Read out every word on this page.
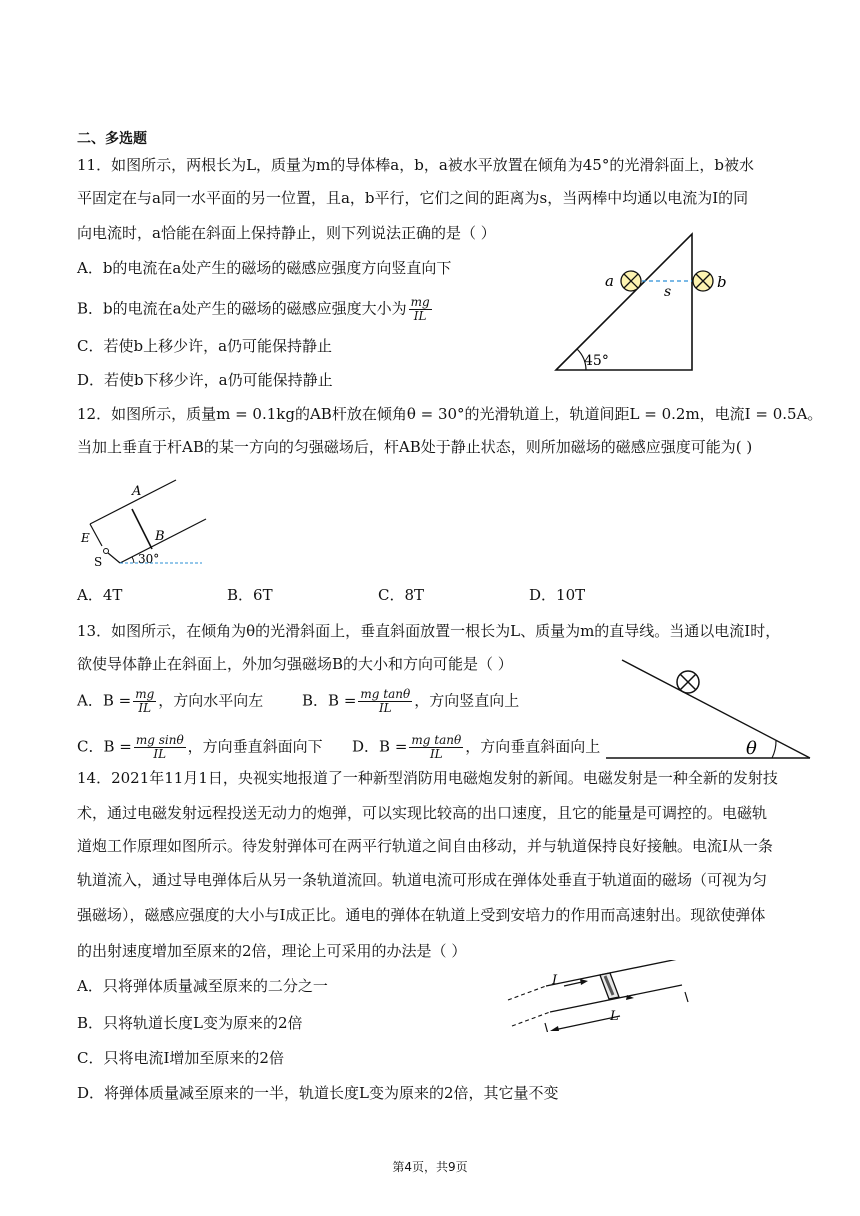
二、多选题
11．如图所示，两根长为L，质量为m的导体棒a，b，a被水平放置在倾角为45°的光滑斜面上，b被水
平固定在与a同一水平面的另一位置，且a，b平行，它们之间的距离为s，当两棒中均通以电流为I的同
向电流时，a恰能在斜面上保持静止，则下列说法正确的是（ ）
A．b的电流在a处产生的磁场的磁感应强度方向竖直向下
B．b的电流在a处产生的磁场的磁感应强度大小为 $\frac{mg}{IL}$
C．若使b上移少许，a仍可能保持静止
D．若使b下移少许，a仍可能保持静止
45°
a	b
s
12．如图所示，质量m = 0.1kg的AB杆放在倾角θ = 30°的光滑轨道上，轨道间距L = 0.2m，电流I = 0.5A。
当加上垂直于杆AB的某一方向的匀强磁场后，杆AB处于静止状态，则所加磁场的磁感应强度可能为( )
A
B
E
S	30°
A．4T	B．6T	C．8T	D．10T
13．如图所示，在倾角为θ的光滑斜面上，垂直斜面放置一根长为L、质量为m的直导线。当通以电流I时，
欲使导体静止在斜面上，外加匀强磁场B的大小和方向可能是（ ）
A．$B = \frac{mg}{IL}$ ，方向水平向左	B．$B = \frac{\text{mg tanθ}}{IL}$ ，方向竖直向上
C．$B = \frac{\text{mg sinθ}}{IL}$ ，方向垂直斜面向下 D．$B = \frac{\text{mg tanθ}}{IL}$ ，方向垂直斜面向上	θ
14．2021年11月1日，央视实地报道了一种新型消防用电磁炮发射的新闻。电磁发射是一种全新的发射技
术，通过电磁发射远程投送无动力的炮弹，可以实现比较高的出口速度，且它的能量是可调控的。电磁轨
道炮工作原理如图所示。待发射弹体可在两平行轨道之间自由移动，并与轨道保持良好接触。电流I从一条
轨道流入，通过导电弹体后从另一条轨道流回。轨道电流可形成在弹体处垂直于轨道面的磁场（可视为匀
强磁场），磁感应强度的大小与I成正比。通电的弹体在轨道上受到安培力的作用而高速射出。现欲使弹体
的出射速度增加至原来的2倍，理论上可采用的办法是（ ）
A．只将弹体质量减至原来的二分之一
B．只将轨道长度L变为原来的2倍
C．只将电流I增加至原来的2倍
D．将弹体质量减至原来的一半，轨道长度L变为原来的2倍，其它量不变
I
L
第4页，共9页
